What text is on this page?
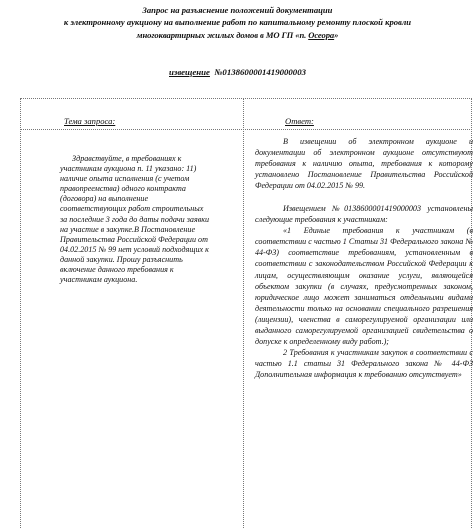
Запрос на разъяснение положений документации
к электронному аукциону на выполнение работ по капитальному ремонту плоской кровли
многоквартирных жилых домов в МО ГП «п. Осеора»
извещение №0138600001419000003
Тема запроса:	Ответ:

Здравствуйте, в требованиях к участникам аукциона п. 11 указано: 11) наличие опыта исполнения (с учетом правопреемства) одного контракта (договора) на выполнение соответствующих работ строительных за последние 3 года до даты подачи заявки на участие в закупке.В Постановление Правительства Российской Федерации от 04.02.2015 № 99 нет условий подходящих к данной закупки. Прошу разъяснить включение данного требования к участникам аукциона.

В извещении об электронном аукционе и документации об электронном аукционе отсутствуют требования к наличию опыта, требования к которому установлено Постановление Правительства Российской Федерации от 04.02.2015 № 99.

Извещением №0138600001419000003 установлены следующие требования к участникам:

«1 Единые требования к участникам (в соответствии с частью 1 Статьи 31 Федерального закона № 44-ФЗ) соответствие требованиям, установленным в соответствии с законодательством Российской Федерации к лицам, осуществляющим оказание услуги, являющейся объектом закупки (в случаях, предусмотренных законом, юридическое лицо может заниматься отдельными видами деятельности только на основании специального разрешения (лицензии), членства в саморегулируемой организации или выданного саморегулируемой организацией свидетельства о допуске к определенному виду работ.);

2 Требования к участникам закупок в соответствии с частью 1.1 статьи 31 Федерального закона № 44-ФЗ Дополнительная информация к требованию отсутствует»
